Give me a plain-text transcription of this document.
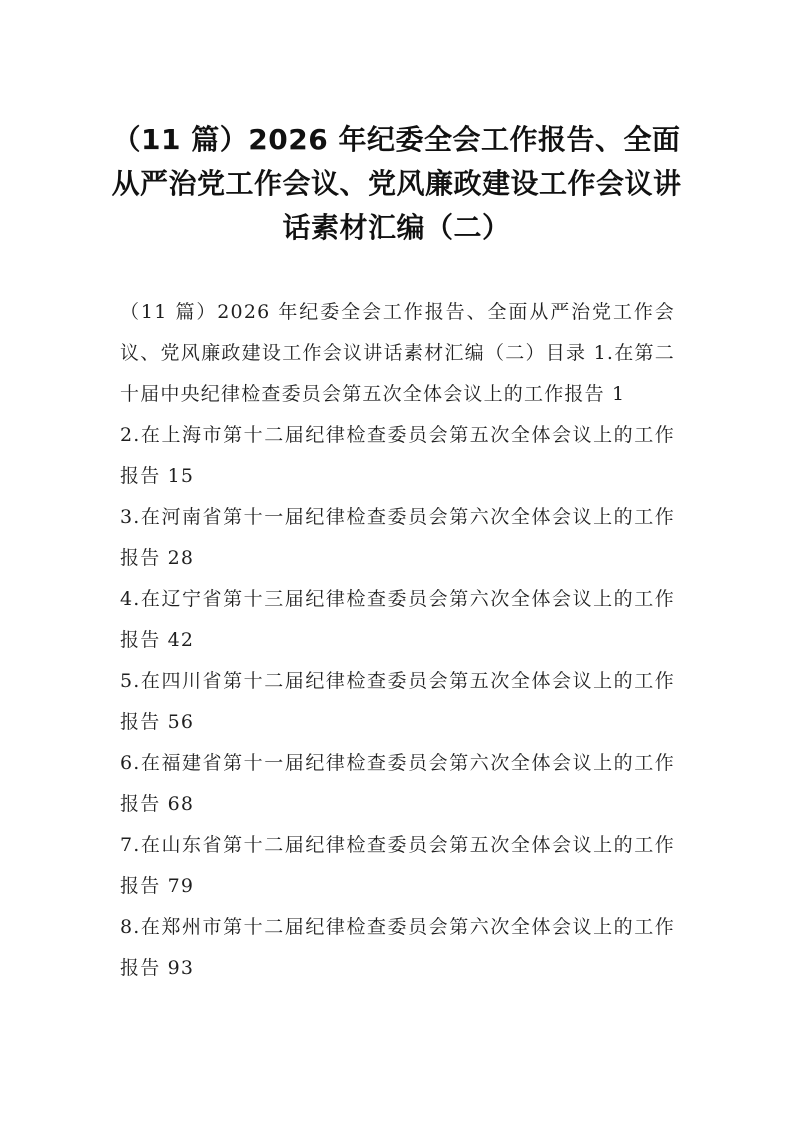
（11 篇）2026 年纪委全会工作报告、全面从严治党工作会议、党风廉政建设工作会议讲话素材汇编（二）

（11 篇）2026 年纪委全会工作报告、全面从严治党工作会议、党风廉政建设工作会议讲话素材汇编（二）目录 1.在第二十届中央纪律检查委员会第五次全体会议上的工作报告 1

2.在上海市第十二届纪律检查委员会第五次全体会议上的工作报告 15
3.在河南省第十一届纪律检查委员会第六次全体会议上的工作报告 28
4.在辽宁省第十三届纪律检查委员会第六次全体会议上的工作报告 42
5.在四川省第十二届纪律检查委员会第五次全体会议上的工作报告 56
6.在福建省第十一届纪律检查委员会第六次全体会议上的工作报告 68
7.在山东省第十二届纪律检查委员会第五次全体会议上的工作报告 79
8.在郑州市第十二届纪律检查委员会第六次全体会议上的工作报告 93
